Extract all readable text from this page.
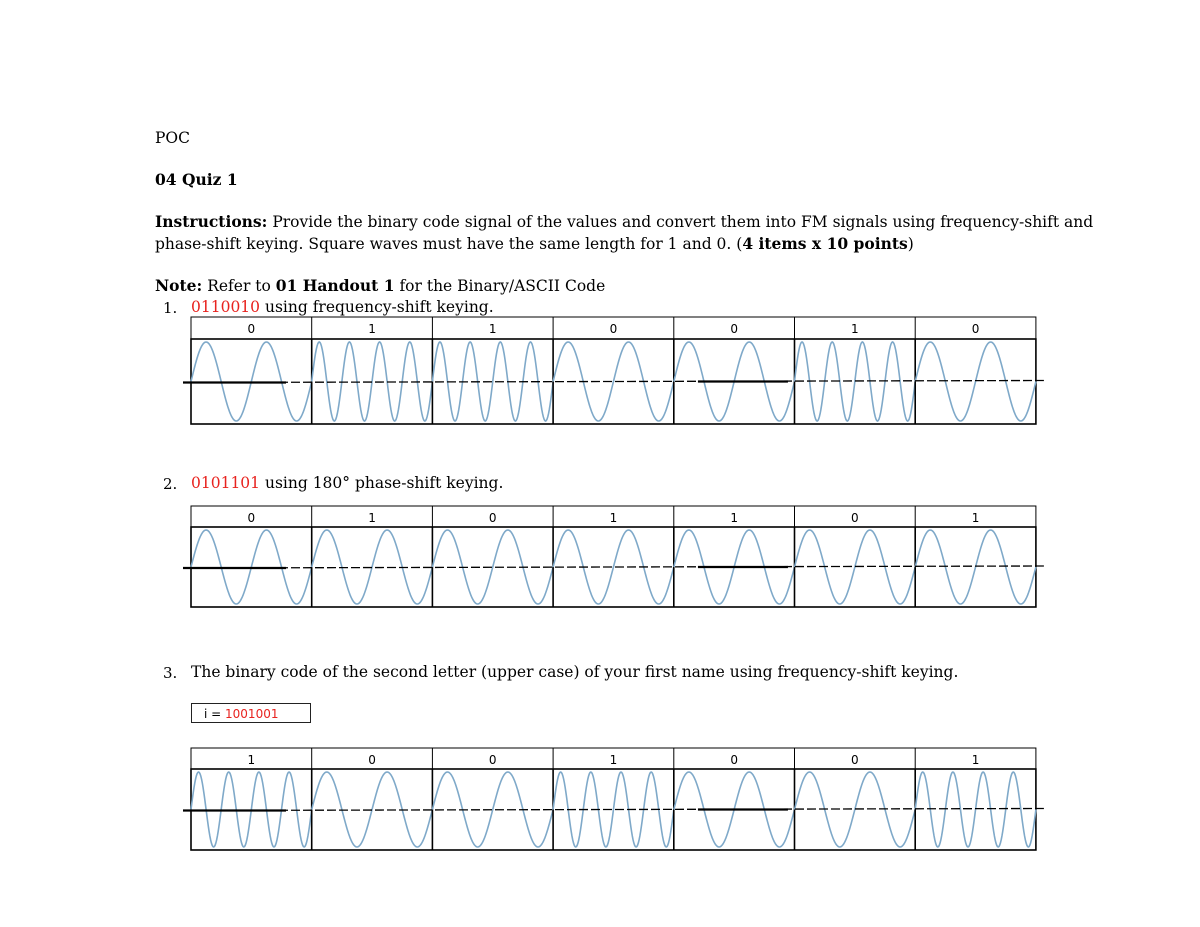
POC
04 Quiz 1
Instructions: Provide the binary code signal of the values and convert them into FM signals using frequency-shift and
phase-shift keying. Square waves must have the same length for 1 and 0. (4 items x 10 points)
Note: Refer to 01 Handout 1 for the Binary/ASCII Code
1. 0110010 using frequency-shift keying.
2. 0101101 using 180° phase-shift keying.
3. The binary code of the second letter (upper case) of your first name using frequency-shift keying.
i = 1001001
0	1	1	0	0	1	0
0	1	0	1	1	0	1
1	0	0	1	0	0	1
